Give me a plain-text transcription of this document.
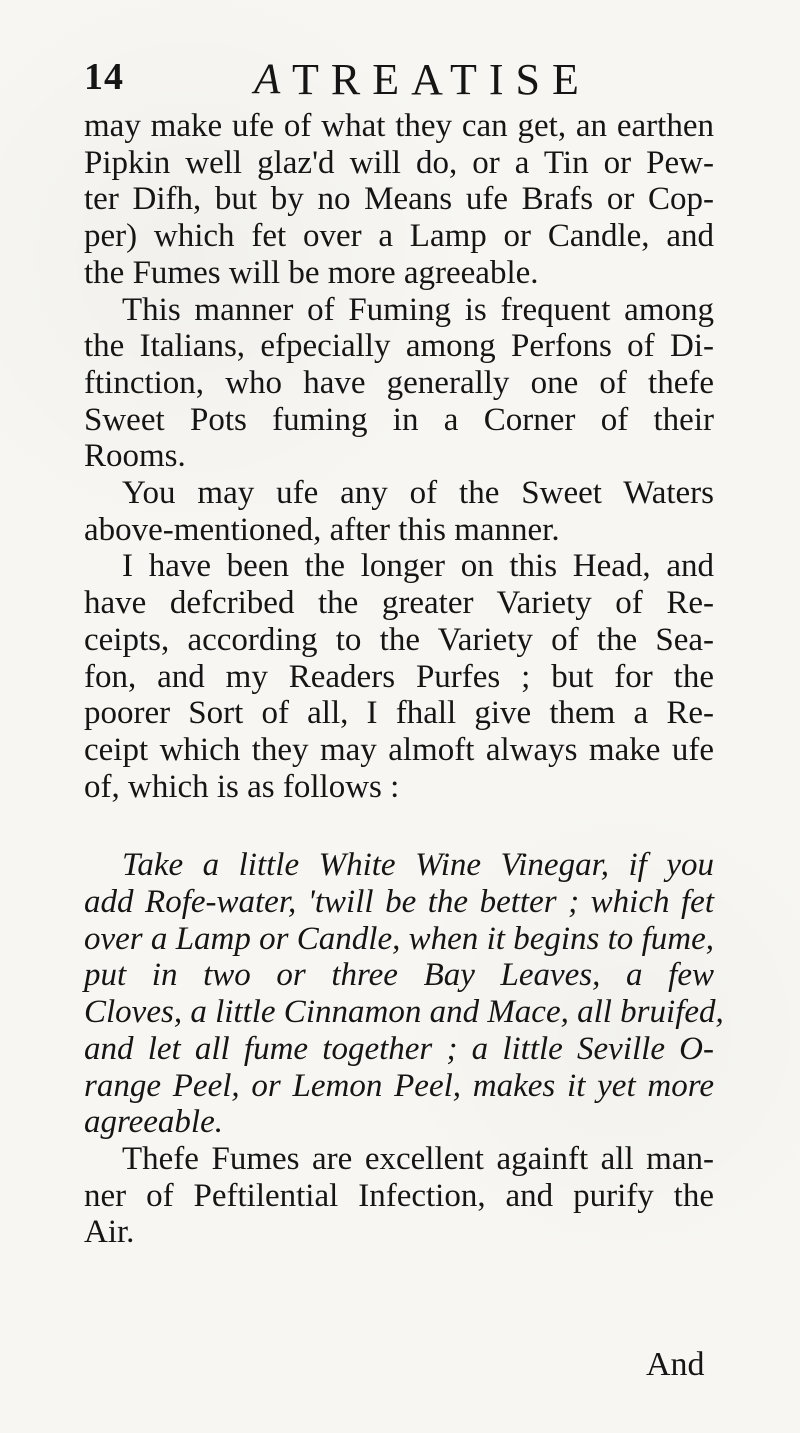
14	A TREATISE
may make ufe of what they can get, an earthen
Pipkin well glaz'd will do, or a Tin or Pew-
ter Difh, but by no Means ufe Brafs or Cop-
per) which fet over a Lamp or Candle, and
the Fumes will be more agreeable.
This manner of Fuming is frequent among
the Italians, efpecially among Perfons of Di-
ftinction, who have generally one of thefe
Sweet Pots fuming in a Corner of their
Rooms.
You may ufe any of the Sweet Waters
above-mentioned, after this manner.
I have been the longer on this Head, and
have defcribed the greater Variety of Re-
ceipts, according to the Variety of the Sea-
fon, and my Readers Purfes ; but for the
poorer Sort of all, I fhall give them a Re-
ceipt which they may almoft always make ufe
of, which is as follows :
Take a little White Wine Vinegar, if you
add Rofe-water, 'twill be the better ; which fet
over a Lamp or Candle, when it begins to fume,
put in two or three Bay Leaves, a few
Cloves, a little Cinnamon and Mace, all bruifed,
and let all fume together ; a little Seville O-
range Peel, or Lemon Peel, makes it yet more
agreeable.
Thefe Fumes are excellent againft all man-
ner of Peftilential Infection, and purify the
Air.
And
